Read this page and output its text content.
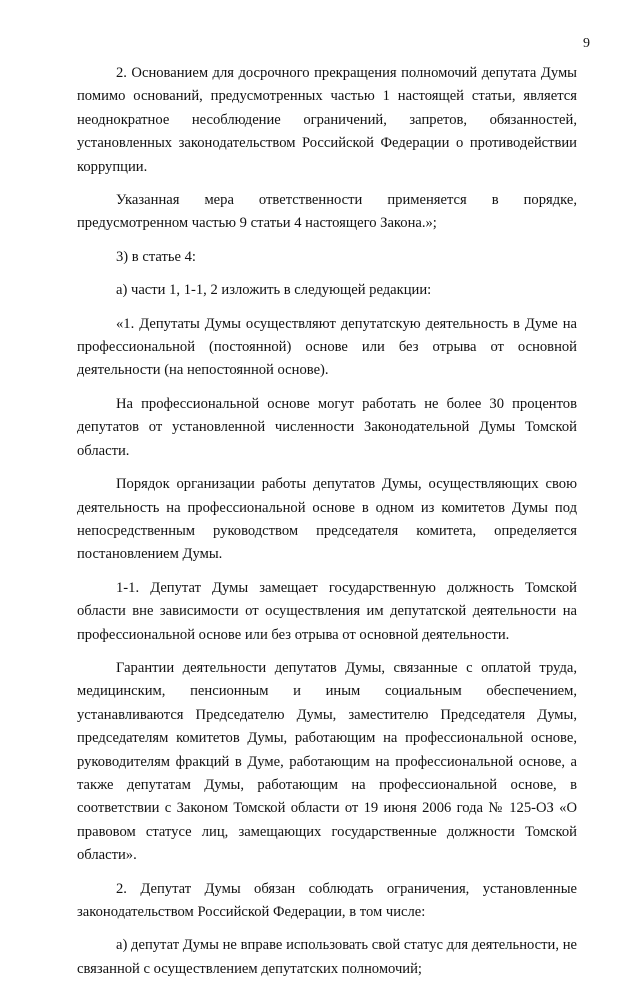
9

2. Основанием для досрочного прекращения полномочий депутата Думы помимо оснований, предусмотренных частью 1 настоящей статьи, является неоднократное несоблюдение ограничений, запретов, обязанностей, установленных законодательством Российской Федерации о противодействии коррупции.

Указанная мера ответственности применяется в порядке, предусмотренном частью 9 статьи 4 настоящего Закона.»;

3) в статье 4:

а) части 1, 1-1, 2 изложить в следующей редакции:

«1. Депутаты Думы осуществляют депутатскую деятельность в Думе на профессиональной (постоянной) основе или без отрыва от основной деятельности (на непостоянной основе).

На профессиональной основе могут работать не более 30 процентов депутатов от установленной численности Законодательной Думы Томской области.

Порядок организации работы депутатов Думы, осуществляющих свою деятельность на профессиональной основе в одном из комитетов Думы под непосредственным руководством председателя комитета, определяется постановлением Думы.

1-1. Депутат Думы замещает государственную должность Томской области вне зависимости от осуществления им депутатской деятельности на профессиональной основе или без отрыва от основной деятельности.

Гарантии деятельности депутатов Думы, связанные с оплатой труда, медицинским, пенсионным и иным социальным обеспечением, устанавливаются Председателю Думы, заместителю Председателя Думы, председателям комитетов Думы, работающим на профессиональной основе, руководителям фракций в Думе, работающим на профессиональной основе, а также депутатам Думы, работающим на профессиональной основе, в соответствии с Законом Томской области от 19 июня 2006 года № 125-ОЗ «О правовом статусе лиц, замещающих государственные должности Томской области».

2. Депутат Думы обязан соблюдать ограничения, установленные законодательством Российской Федерации, в том числе:

а) депутат Думы не вправе использовать свой статус для деятельности, не связанной с осуществлением депутатских полномочий;
